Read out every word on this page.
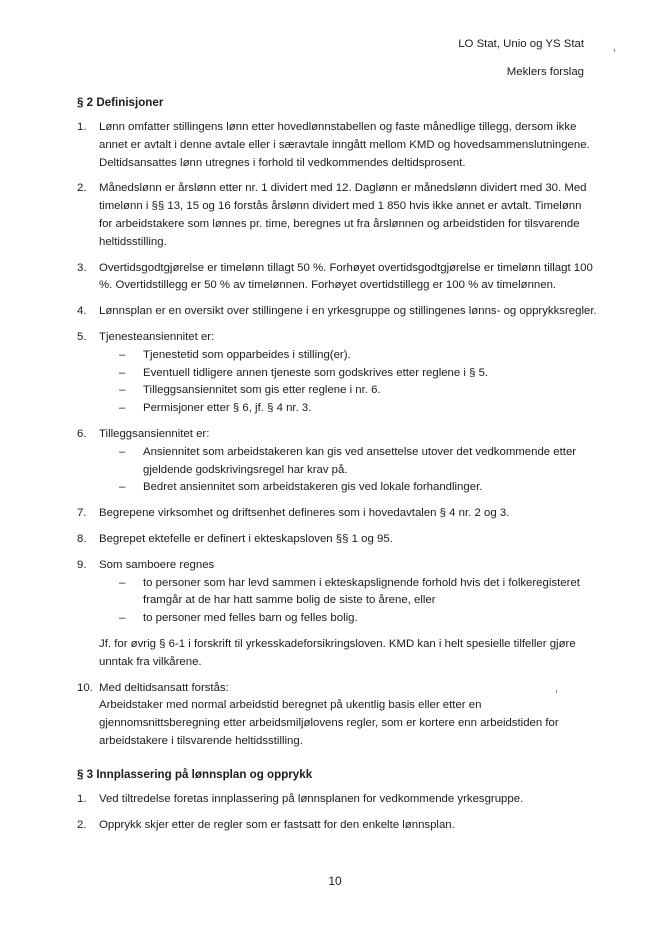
LO Stat, Unio og YS Stat
Meklers forslag
§ 2 Definisjoner
1. Lønn omfatter stillingens lønn etter hovedlønnstabellen og faste månedlige tillegg, dersom ikke annet er avtalt i denne avtale eller i særavtale inngått mellom KMD og hovedsammenslutningene. Deltidsansattes lønn utregnes i forhold til vedkommendes deltidsprosent.
2. Månedslønn er årslønn etter nr. 1 dividert med 12. Daglønn er månedslønn dividert med 30. Med timelønn i §§ 13, 15 og 16 forstås årslønn dividert med 1 850 hvis ikke annet er avtalt. Timelønn for arbeidstakere som lønnes pr. time, beregnes ut fra årslønnen og arbeidstiden for tilsvarende heltidsstilling.
3. Overtidsgodtgjørelse er timelønn tillagt 50 %. Forhøyet overtidsgodtgjørelse er timelønn tillagt 100 %. Overtidstillegg er 50 % av timelønnen. Forhøyet overtidstillegg er 100 % av timelønnen.
4. Lønnsplan er en oversikt over stillingene i en yrkesgruppe og stillingenes lønns- og opprykksregler.
5. Tjenesteansiennitet er:
– Tjenestetid som opparbeides i stilling(er).
– Eventuell tidligere annen tjeneste som godskrives etter reglene i § 5.
– Tilleggsansiennitet som gis etter reglene i nr. 6.
– Permisjoner etter § 6, jf. § 4 nr. 3.
6. Tilleggsansiennitet er:
– Ansiennitet som arbeidstakeren kan gis ved ansettelse utover det vedkommende etter gjeldende godskrivingsregel har krav på.
– Bedret ansiennitet som arbeidstakeren gis ved lokale forhandlinger.
7. Begrepene virksomhet og driftsenhet defineres som i hovedavtalen § 4 nr. 2 og 3.
8. Begrepet ektefelle er definert i ekteskapsloven §§ 1 og 95.
9. Som samboere regnes
– to personer som har levd sammen i ekteskapslignende forhold hvis det i folkeregisteret framgår at de har hatt samme bolig de siste to årene, eller
– to personer med felles barn og felles bolig.
Jf. for øvrig § 6-1 i forskrift til yrkesskadeforsikringsloven. KMD kan i helt spesielle tilfeller gjøre unntak fra vilkårene.
10. Med deltidsansatt forstås:
Arbeidstaker med normal arbeidstid beregnet på ukentlig basis eller etter en gjennomsnittsberegning etter arbeidsmiljølovens regler, som er kortere enn arbeidstiden for arbeidstakere i tilsvarende heltidsstilling.
§ 3 Innplassering på lønnsplan og opprykk
1. Ved tiltredelse foretas innplassering på lønnsplanen for vedkommende yrkesgruppe.
2. Opprykk skjer etter de regler som er fastsatt for den enkelte lønnsplan.
10
